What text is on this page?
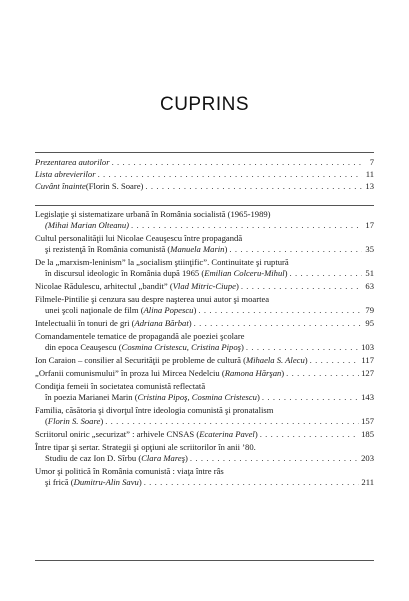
CUPRINS
Prezentarea autorilor . . .	7
Lista abrevierilor . . .	11
Cuvânt înainte (Florin S. Soare) . . .	13
Legislaţie şi sistematizare urbană în România socialistă (1965-1989)
(Mihai Marian Olteanu) . . .	17
Cultul personalităţii lui Nicolae Ceauşescu între propagandă
şi rezistenţă în România comunistă ( Manuela Marin ) . . .	35
De la „marxism-leninism” la „socialism ştiinţific”. Continuitate şi ruptură
în discursul ideologic în România după 1965 ( Emilian Colceru-Mihul ) . . .	51
Nicolae Rădulescu, arhitectul „bandit” ( Vlad Mitric-Ciupe ) . . .	63
Filmele-Pintilie şi cenzura sau despre naşterea unui autor şi moartea
unei şcoli naţionale de film ( Alina Popescu ) . . .	79
Intelectualii în tonuri de gri ( Adriana Bărbat ) . . .	95
Comandamentele tematice de propagandă ale poeziei şcolare
din epoca Ceauşescu ( Cosmina Cristescu, Cristina Pipoş ) . . .	103
Ion Caraion – consilier al Securităţii pe probleme de cultură ( Mihaela S. Alecu ) . . .	117
„Orfanii comunismului” în proza lui Mircea Nedelciu ( Ramona Hărşan ) . . .	127
Condiţia femeii în societatea comunistă reflectată
în poezia Marianei Marin ( Cristina Pipoş, Cosmina Cristescu ) . . .	143
Familia, căsătoria şi divorţul între ideologia comunistă şi pronatalism
( Florin S. Soare ) . . .	157
Scriitorul oniric „securizat” : arhivele CNSAS ( Ecaterina Pavel ) . . .	185
Între tipar şi sertar. Strategii şi opţiuni ale scriitorilor în anii ’80.
Studiu de caz Ion D. Sîrbu ( Clara Mareş ) . . .	203
Umor şi politică în România comunistă : viaţa între râs
şi frică ( Dumitru-Alin Savu ) . . .	211
